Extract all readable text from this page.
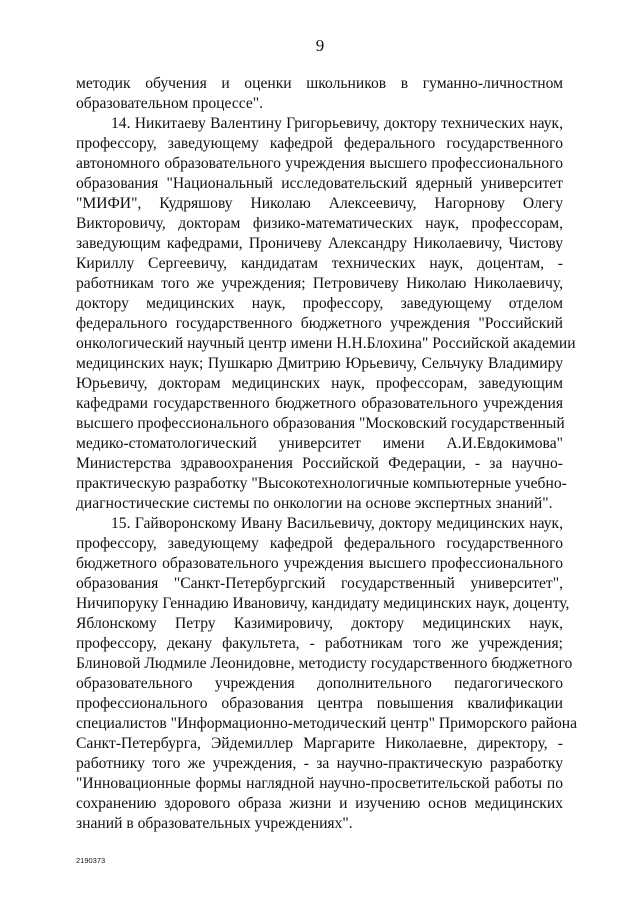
9
методик обучения и оценки школьников в гуманно-личностном
образовательном процессе".
14. Никитаеву Валентину Григорьевичу, доктору технических наук,
профессору, заведующему кафедрой федерального государственного
автономного образовательного учреждения высшего профессионального
образования "Национальный исследовательский ядерный университет
"МИФИ", Кудряшову Николаю Алексеевичу, Нагорнову Олегу
Викторовичу, докторам физико-математических наук, профессорам,
заведующим кафедрами, Проничеву Александру Николаевичу, Чистову
Кириллу Сергеевичу, кандидатам технических наук, доцентам, -
работникам того же учреждения; Петровичеву Николаю Николаевичу,
доктору медицинских наук, профессору, заведующему отделом
федерального государственного бюджетного учреждения "Российский
онкологический научный центр имени Н.Н.Блохина" Российской академии
медицинских наук; Пушкарю Дмитрию Юрьевичу, Сельчуку Владимиру
Юрьевичу, докторам медицинских наук, профессорам, заведующим
кафедрами государственного бюджетного образовательного учреждения
высшего профессионального образования "Московский государственный
медико-стоматологический университет имени А.И.Евдокимова"
Министерства здравоохранения Российской Федерации, - за научно-
практическую разработку "Высокотехнологичные компьютерные учебно-
диагностические системы по онкологии на основе экспертных знаний".
15. Гайворонскому Ивану Васильевичу, доктору медицинских наук,
профессору, заведующему кафедрой федерального государственного
бюджетного образовательного учреждения высшего профессионального
образования "Санкт-Петербургский государственный университет",
Ничипоруку Геннадию Ивановичу, кандидату медицинских наук, доценту,
Яблонскому Петру Казимировичу, доктору медицинских наук,
профессору, декану факультета, - работникам того же учреждения;
Блиновой Людмиле Леонидовне, методисту государственного бюджетного
образовательного учреждения дополнительного педагогического
профессионального образования центра повышения квалификации
специалистов "Информационно-методический центр" Приморского района
Санкт-Петербурга, Эйдемиллер Маргарите Николаевне, директору, -
работнику того же учреждения, - за научно-практическую разработку
"Инновационные формы наглядной научно-просветительской работы по
сохранению здорового образа жизни и изучению основ медицинских
знаний в образовательных учреждениях".
2190373
